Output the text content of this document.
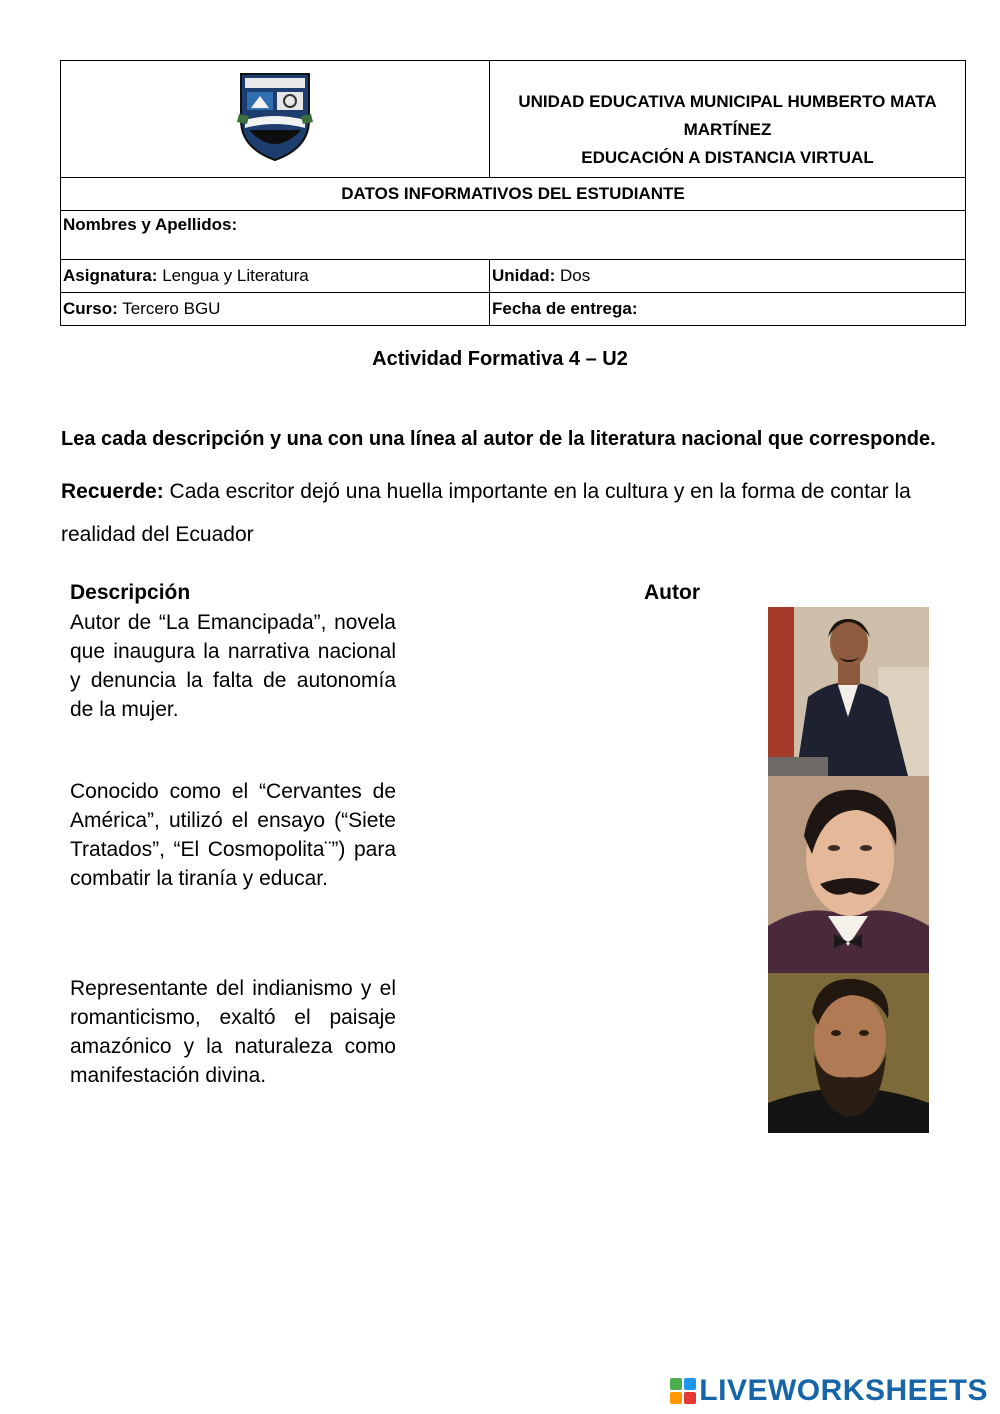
UNIDAD EDUCATIVA MUNICIPAL HUMBERTO MATA MARTÍNEZ
EDUCACIÓN A DISTANCIA VIRTUAL

DATOS INFORMATIVOS DEL ESTUDIANTE	
Nombres y Apellidos:	
Asignatura: Lengua y Literatura	Unidad: Dos
Curso: Tercero BGU	Fecha de entrega:
Actividad Formativa 4 – U2
Lea cada descripción y una con una línea al autor de la literatura nacional que corresponde.
Recuerde: Cada escritor dejó una huella importante en la cultura y en la forma de contar la realidad del Ecuador
Descripción	Autor
Autor de “La Emancipada”, novela que inaugura la narrativa nacional y denuncia la falta de autonomía de la mujer.
Conocido como el “Cervantes de América”, utilizó el ensayo (“Siete Tratados”, “El Cosmopolita¨”) para combatir la tiranía y educar.
Representante del indianismo y el romanticismo, exaltó el paisaje amazónico y la naturaleza como manifestación divina.
LIVEWORKSHEETS
